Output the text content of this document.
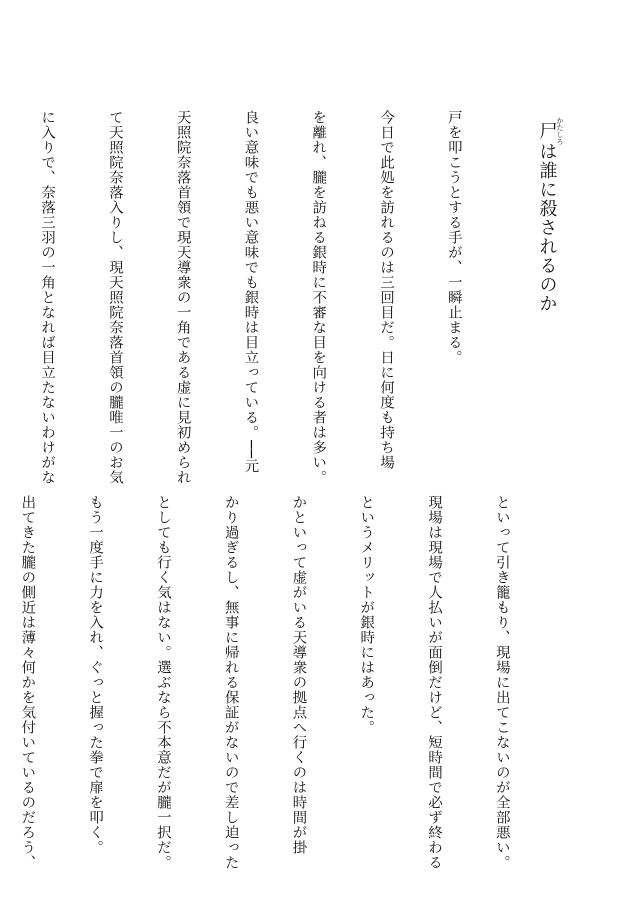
尸かたしろは誰に殺されるのか

戸を叩こうとする手が、一瞬止まる。

今日で此処を訪れるのは三回目だ。日に何度も持ち場

を離れ、朧を訪ねる銀時に不審な目を向ける者は多い。

良い意味でも悪い意味でも銀時は目立っている。──元

天照院奈落首領で現天導衆の一角である虚に見初められ

て天照院奈落入りし、現天照院奈落首領の朧唯一のお気

に入りで、奈落三羽の一角となれば目立たないわけがな

といって引き籠もり、現場に出てこないのが全部悪い。

現場は現場で人払いが面倒だけど、短時間で必ず終わる

というメリットが銀時にはあった。

かといって虚がいる天導衆の拠点へ行くのは時間が掛

かり過ぎるし、無事に帰れる保証がないので差し迫った

としても行く気はない。選ぶなら不本意だが朧一択だ。

もう一度手に力を入れ、ぐっと握った拳で扉を叩く。

出てきた朧の側近は薄々何かを気付いているのだろう、
